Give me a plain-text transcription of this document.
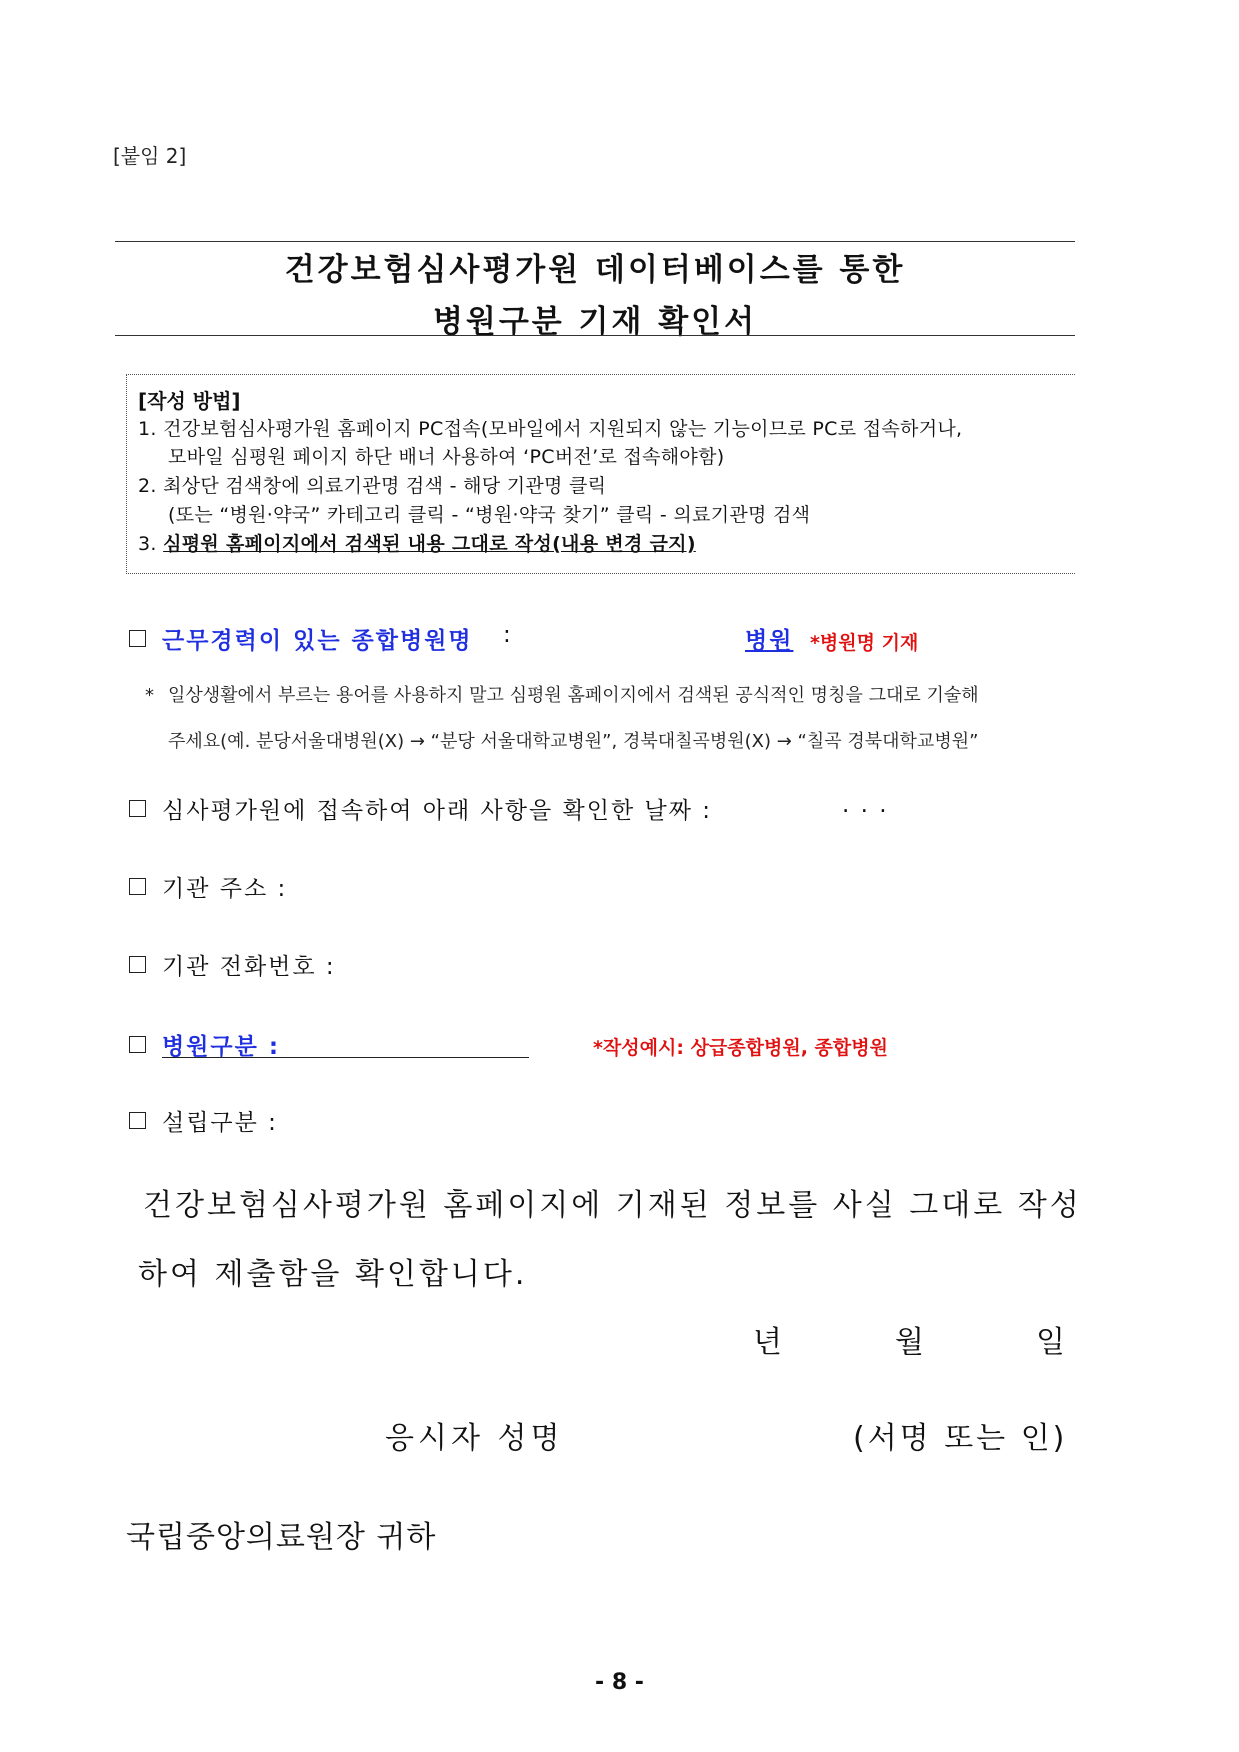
[붙임 2]
건강보험심사평가원 데이터베이스를 통한
병원구분 기재 확인서
[작성 방법]
1. 건강보험심사평가원 홈페이지 PC접속(모바일에서 지원되지 않는 기능이므로 PC로 접속하거나,
모바일 심평원 페이지 하단 배너 사용하여 ‘PC버전’로 접속해야함)
2. 최상단 검색창에 의료기관명 검색 - 해당 기관명 클릭
(또는 “병원·약국” 카테고리 클릭 - “병원·약국 찾기” 클릭 - 의료기관명 검색
3. 심평원 홈페이지에서 검색된 내용 그대로 작성(내용 변경 금지)
근무경력이 있는 종합병원명 :	병원 *병원명 기재
* 일상생활에서 부르는 용어를 사용하지 말고 심평원 홈페이지에서 검색된 공식적인 명칭을 그대로 기술해
주세요(예. 분당서울대병원(X) → “분당 서울대학교병원”, 경북대칠곡병원(X) → “칠곡 경북대학교병원”
심사평가원에 접속하여 아래 사항을 확인한 날짜 :	. . .
기관 주소 :
기관 전화번호 :
병원구분 :	*작성예시: 상급종합병원, 종합병원
설립구분 :
건강보험심사평가원 홈페이지에 기재된 정보를 사실 그대로 작성
하여 제출함을 확인합니다.
년	월	일
응시자 성명	(서명 또는 인)
국립중앙의료원장 귀하
- 8 -
